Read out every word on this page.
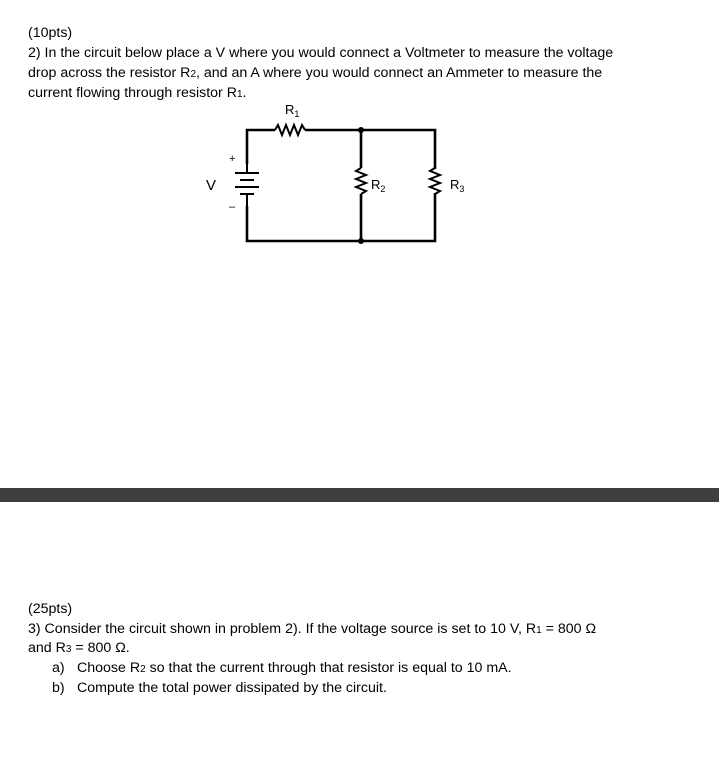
(10pts)
2) In the circuit below place a V where you would connect a Voltmeter to measure the voltage
drop across the resistor R2, and an A where you would connect an Ammeter to measure the
current flowing through resistor R1.
$R_1$
$R_2$	$R_3$
V
+
–
(25pts)
3) Consider the circuit shown in problem 2). If the voltage source is set to 10 V, R1 = 800 Ω
and R3 = 800 Ω.
a) Choose R2 so that the current through that resistor is equal to 10 mA.
b) Compute the total power dissipated by the circuit.
